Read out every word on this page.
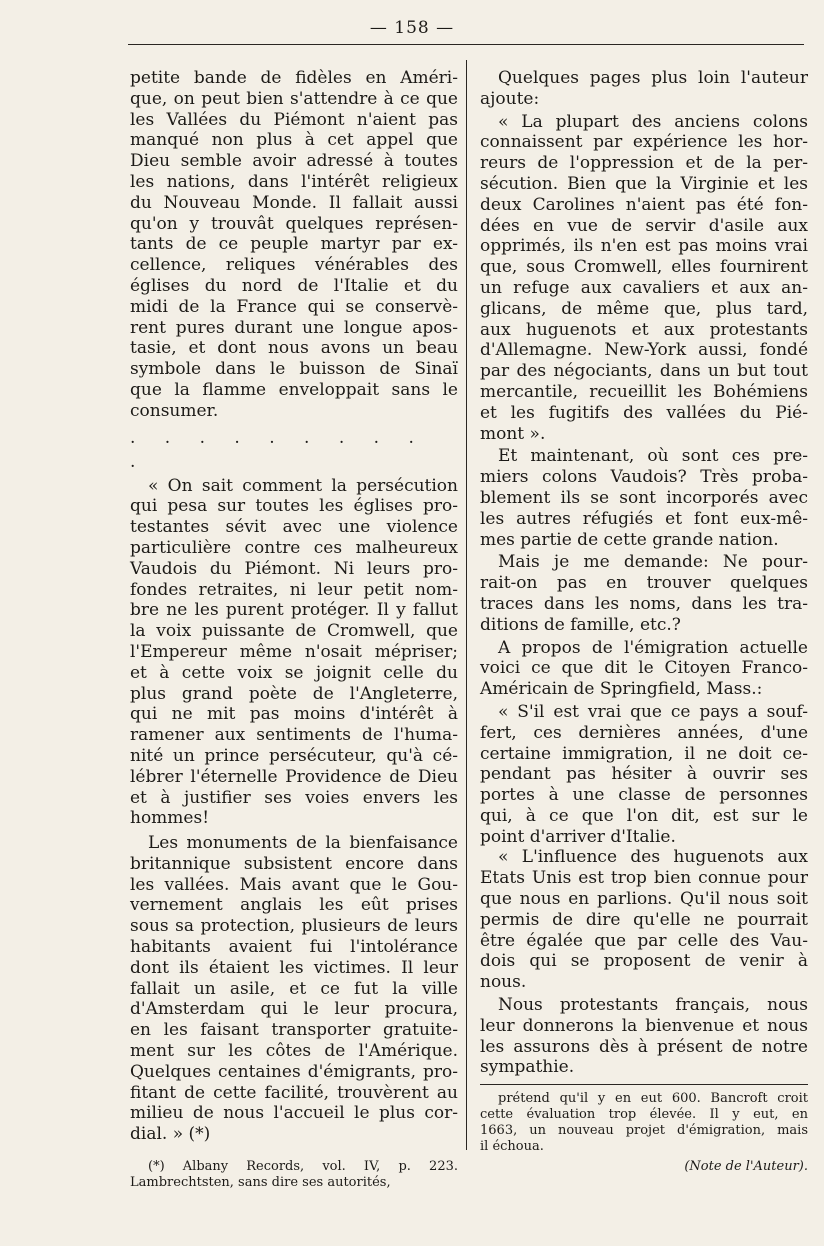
— 158 —

petite bande de fidèles en Améri-

que, on peut bien s'attendre à ce que

les Vallées du Piémont n'aient pas

manqué non plus à cet appel que

Dieu semble avoir adressé à toutes

les nations, dans l'intérêt religieux

du Nouveau Monde. Il fallait aussi

qu'on y trouvât quelques représen-

tants de ce peuple martyr par ex-

cellence, reliques vénérables des

églises du nord de l'Italie et du

midi de la France qui se conservè-

rent pures durant une longue apos-

tasie, et dont nous avons un beau

symbole dans le buisson de Sinaï

que la flamme enveloppait sans le

consumer.

. . . . . . . . . .

« On sait comment la persécution

qui pesa sur toutes les églises pro-

testantes sévit avec une violence

particulière contre ces malheureux

Vaudois du Piémont. Ni leurs pro-

fondes retraites, ni leur petit nom-

bre ne les purent protéger. Il y fallut

la voix puissante de Cromwell, que

l'Empereur même n'osait mépriser;

et à cette voix se joignit celle du

plus grand poète de l'Angleterre,

qui ne mit pas moins d'intérêt à

ramener aux sentiments de l'huma-

nité un prince persécuteur, qu'à cé-

lébrer l'éternelle Providence de Dieu

et à justifier ses voies envers les

hommes!

Les monuments de la bienfaisance

britannique subsistent encore dans

les vallées. Mais avant que le Gou-

vernement anglais les eût prises

sous sa protection, plusieurs de leurs

habitants avaient fui l'intolérance

dont ils étaient les victimes. Il leur

fallait un asile, et ce fut la ville

d'Amsterdam qui le leur procura,

en les faisant transporter gratuite-

ment sur les côtes de l'Amérique.

Quelques centaines d'émigrants, pro-

fitant de cette facilité, trouvèrent au

milieu de nous l'accueil le plus cor-

dial. » (*)

(*) Albany Records, vol. IV, p. 223.

Lambrechtsten, sans dire ses autorités,

Quelques pages plus loin l'auteur

ajoute:

« La plupart des anciens colons

connaissent par expérience les hor-

reurs de l'oppression et de la per-

sécution. Bien que la Virginie et les

deux Carolines n'aient pas été fon-

dées en vue de servir d'asile aux

opprimés, ils n'en est pas moins vrai

que, sous Cromwell, elles fournirent

un refuge aux cavaliers et aux an-

glicans, de même que, plus tard,

aux huguenots et aux protestants

d'Allemagne. New-York aussi, fondé

par des négociants, dans un but tout

mercantile, recueillit les Bohémiens

et les fugitifs des vallées du Pié-

mont ».

Et maintenant, où sont ces pre-

miers colons Vaudois? Très proba-

blement ils se sont incorporés avec

les autres réfugiés et font eux-mê-

mes partie de cette grande nation.

Mais je me demande: Ne pour-

rait-on pas en trouver quelques

traces dans les noms, dans les tra-

ditions de famille, etc.?

A propos de l'émigration actuelle

voici ce que dit le Citoyen Franco-

Américain de Springfield, Mass.:

« S'il est vrai que ce pays a souf-

fert, ces dernières années, d'une

certaine immigration, il ne doit ce-

pendant pas hésiter à ouvrir ses

portes à une classe de personnes

qui, à ce que l'on dit, est sur le

point d'arriver d'Italie.

« L'influence des huguenots aux

Etats Unis est trop bien connue pour

que nous en parlions. Qu'il nous soit

permis de dire qu'elle ne pourrait

être égalée que par celle des Vau-

dois qui se proposent de venir à

nous.

Nous protestants français, nous

leur donnerons la bienvenue et nous

les assurons dès à présent de notre

sympathie.

prétend qu'il y en eut 600. Bancroft croit

cette évaluation trop élevée. Il y eut, en

1663, un nouveau projet d'émigration, mais

il échoua.

(Note de l'Auteur).
